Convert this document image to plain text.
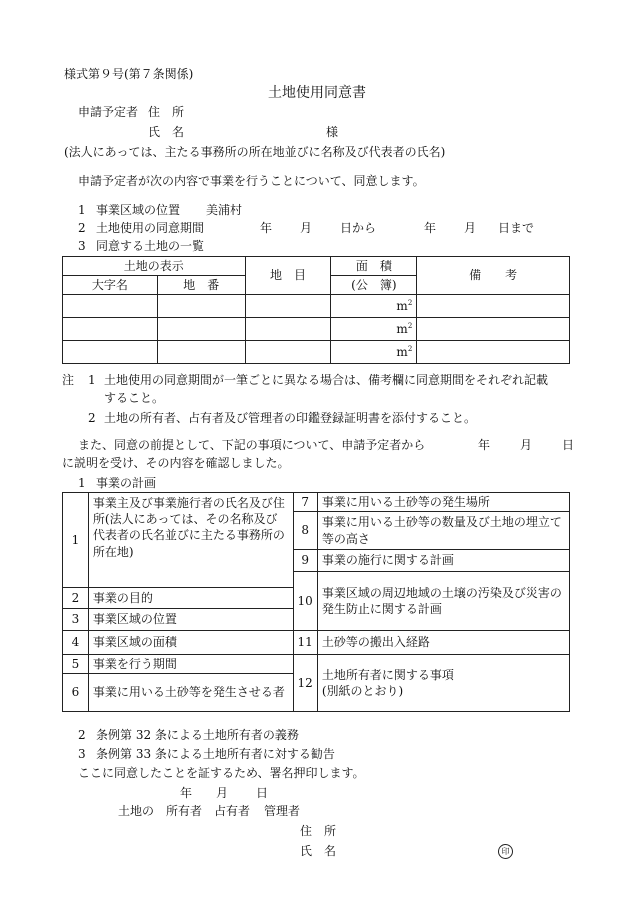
様式第９号(第７条関係)
土地使用同意書
申請予定者 住　所
氏　名	様
(法人にあっては、主たる事務所の所在地並びに名称及び代表者の氏名)
申請予定者が次の内容で事業を行うことについて、同意します。
1 事業区域の位置 美浦村
2 土地使用の同意期間	年 月 日から	年 月 日まで
3 同意する土地の一覧
土地の表示		地　目	面　積	備　　考
大字名	地　番		(公　簿)	
			$m^2$	
			$m^2$	
			$m^2$	
注 1 土地使用の同意期間が一筆ごとに異なる場合は、備考欄に同意期間をそれぞれ記載
すること。
2 土地の所有者、占有者及び管理者の印鑑登録証明書を添付すること。
また、同意の前提として、下記の事項について、申請予定者から	年 月 日
に説明を受け、その内容を確認しました。
1 事業の計画
1	事業主及び事業施行者の氏名及び住所(法人にあっては、その名称及び代表者の氏名並びに主たる事務所の所在地)	7	事業に用いる土砂等の発生場所
		8	事業に用いる土砂等の数量及び土地の埋立て等の高さ
		9	事業の施行に関する計画
		10	事業区域の周辺地域の土壌の汚染及び災害の発生防止に関する計画
2	事業の目的		
3	事業区域の位置		
4	事業区域の面積	11	土砂等の搬出入経路
5	事業を行う期間	12	土地所有者に関する事項
(別紙のとおり)

6	事業に用いる土砂等を発生させる者		
2 条例第 32 条による土地所有者の義務
3 条例第 33 条による土地所有者に対する勧告
ここに同意したことを証するため、署名押印します。
年 月 日
土地の 所有者 占有者 管理者
住　所
氏　名	印
